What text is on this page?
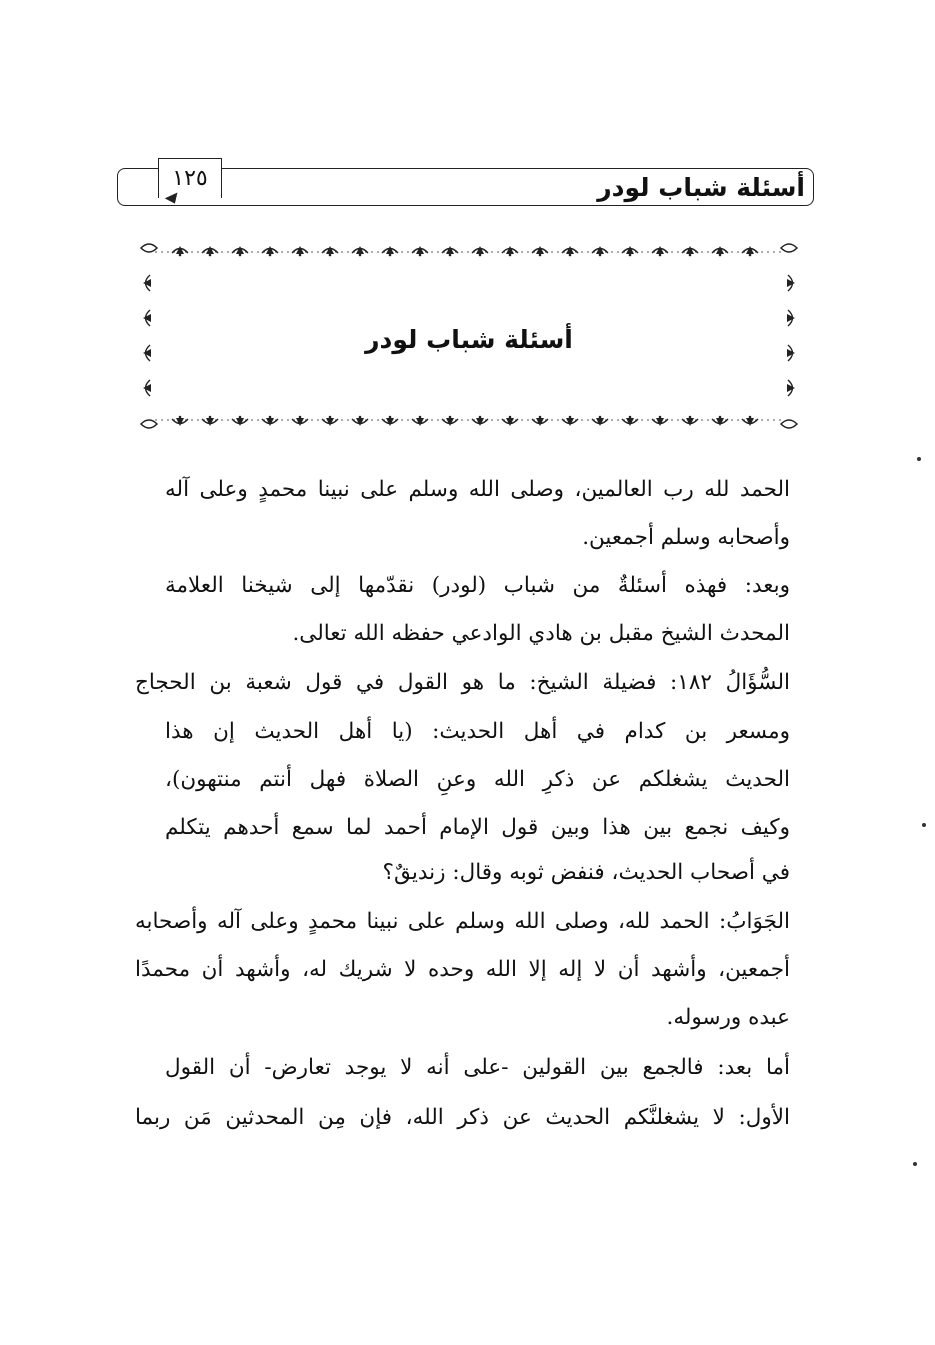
أسئلة شباب لودر
١٢٥
أسئلة شباب لودر
الحمد لله رب العالمين، وصلى الله وسلم على نبينا محمدٍ وعلى آله
وأصحابه وسلم أجمعين.
وبعد: فهذه أسئلةٌ من شباب (لودر) نقدّمها إلى شيخنا العلامة
المحدث الشيخ مقبل بن هادي الوادعي حفظه الله تعالى.
السُّؤَالُ ١٨٢: فضيلة الشيخ: ما هو القول في قول شعبة بن الحجاج
ومسعر بن كدام في أهل الحديث: (يا أهل الحديث إن هذا
الحديث يشغلكم عن ذكرِ الله وعنِ الصلاة فهل أنتم منتهون)،
وكيف نجمع بين هذا وبين قول الإمام أحمد لما سمع أحدهم يتكلم
في أصحاب الحديث، فنفض ثوبه وقال: زنديقٌ؟
الجَوَابُ: الحمد لله، وصلى الله وسلم على نبينا محمدٍ وعلى آله وأصحابه
أجمعين، وأشهد أن لا إله إلا الله وحده لا شريك له، وأشهد أن محمدًا
عبده ورسوله.
أما بعد: فالجمع بين القولين -على أنه لا يوجد تعارض- أن القول
الأول: لا يشغلنَّكم الحديث عن ذكر الله، فإن مِن المحدثين مَن ربما
